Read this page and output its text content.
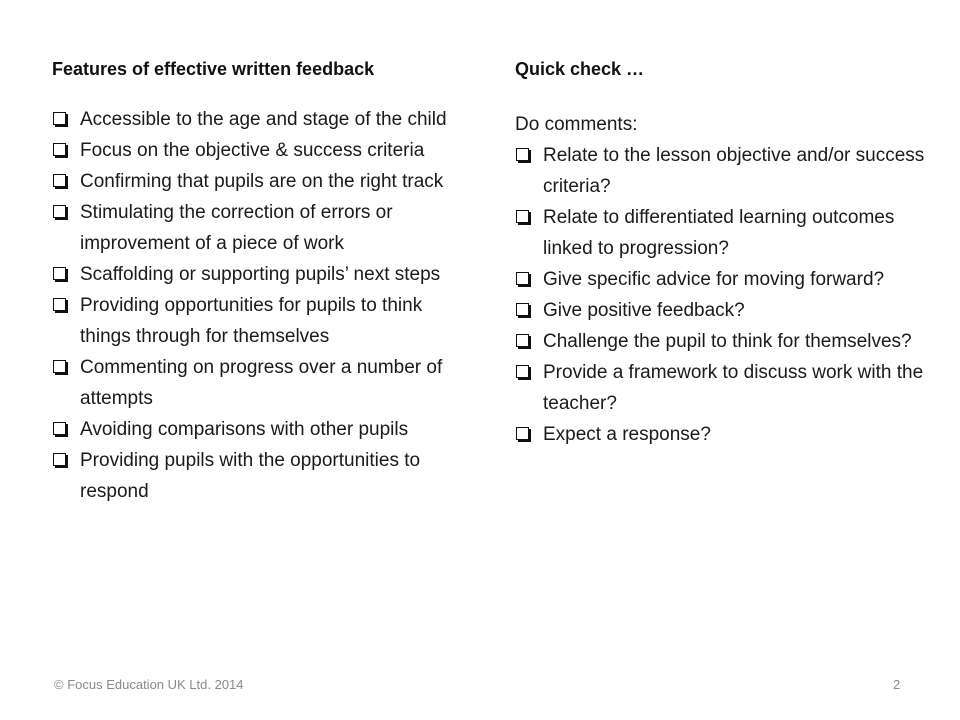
Features of effective written feedback
Accessible to the age and stage of the child
Focus on the objective & success criteria
Confirming that pupils are on the right track
Stimulating the correction of errors or improvement of a piece of work
Scaffolding or supporting pupils’ next steps
Providing opportunities for pupils to think things through for themselves
Commenting on progress over a number of attempts
Avoiding comparisons with other pupils
Providing pupils with the opportunities to respond
Quick check …

Do comments:

Relate to the lesson objective and/or success criteria?
Relate to differentiated learning outcomes linked to progression?
Give specific advice for moving forward?
Give positive feedback?
Challenge the pupil to think for themselves?
Provide a framework to discuss work with the teacher?
Expect a response?
© Focus Education UK Ltd. 2014	2
